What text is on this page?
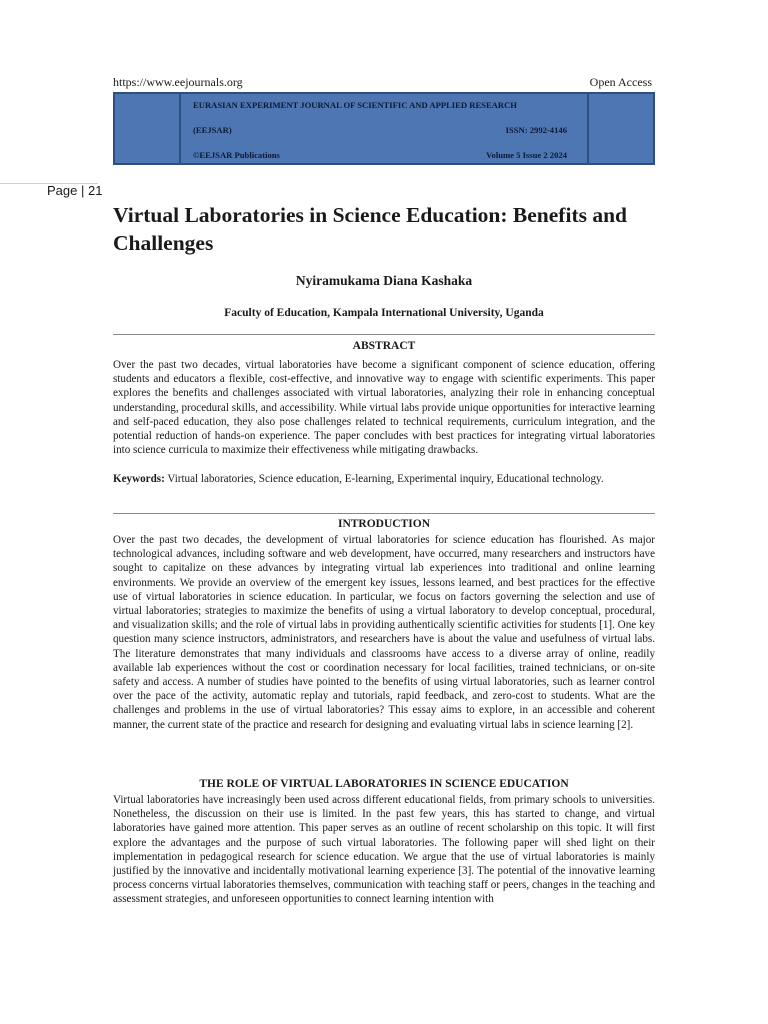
https://www.eejournals.org	Open Access
EURASIAN EXPERIMENT JOURNAL OF SCIENTIFIC AND APPLIED RESEARCH
(EEJSAR)	ISSN: 2992-4146
©EEJSAR Publications	Volume 5 Issue 2 2024
Page | 21
Virtual Laboratories in Science Education: Benefits and Challenges
Nyiramukama Diana Kashaka
Faculty of Education, Kampala International University, Uganda
ABSTRACT

Over the past two decades, virtual laboratories have become a significant component of science education, offering students and educators a flexible, cost-effective, and innovative way to engage with scientific experiments. This paper explores the benefits and challenges associated with virtual laboratories, analyzing their role in enhancing conceptual understanding, procedural skills, and accessibility. While virtual labs provide unique opportunities for interactive learning and self-paced education, they also pose challenges related to technical requirements, curriculum integration, and the potential reduction of hands-on experience. The paper concludes with best practices for integrating virtual laboratories into science curricula to maximize their effectiveness while mitigating drawbacks.

Keywords: Virtual laboratories, Science education, E-learning, Experimental inquiry, Educational technology.

INTRODUCTION

Over the past two decades, the development of virtual laboratories for science education has flourished. As major technological advances, including software and web development, have occurred, many researchers and instructors have sought to capitalize on these advances by integrating virtual lab experiences into traditional and online learning environments. We provide an overview of the emergent key issues, lessons learned, and best practices for the effective use of virtual laboratories in science education. In particular, we focus on factors governing the selection and use of virtual laboratories; strategies to maximize the benefits of using a virtual laboratory to develop conceptual, procedural, and visualization skills; and the role of virtual labs in providing authentically scientific activities for students [1]. One key question many science instructors, administrators, and researchers have is about the value and usefulness of virtual labs. The literature demonstrates that many individuals and classrooms have access to a diverse array of online, readily available lab experiences without the cost or coordination necessary for local facilities, trained technicians, or on-site safety and access. A number of studies have pointed to the benefits of using virtual laboratories, such as learner control over the pace of the activity, automatic replay and tutorials, rapid feedback, and zero-cost to students. What are the challenges and problems in the use of virtual laboratories? This essay aims to explore, in an accessible and coherent manner, the current state of the practice and research for designing and evaluating virtual labs in science learning [2].

THE ROLE OF VIRTUAL LABORATORIES IN SCIENCE EDUCATION

Virtual laboratories have increasingly been used across different educational fields, from primary schools to universities. Nonetheless, the discussion on their use is limited. In the past few years, this has started to change, and virtual laboratories have gained more attention. This paper serves as an outline of recent scholarship on this topic. It will first explore the advantages and the purpose of such virtual laboratories. The following paper will shed light on their implementation in pedagogical research for science education. We argue that the use of virtual laboratories is mainly justified by the innovative and incidentally motivational learning experience [3]. The potential of the innovative learning process concerns virtual laboratories themselves, communication with teaching staff or peers, changes in the teaching and assessment strategies, and unforeseen opportunities to connect learning intention with
